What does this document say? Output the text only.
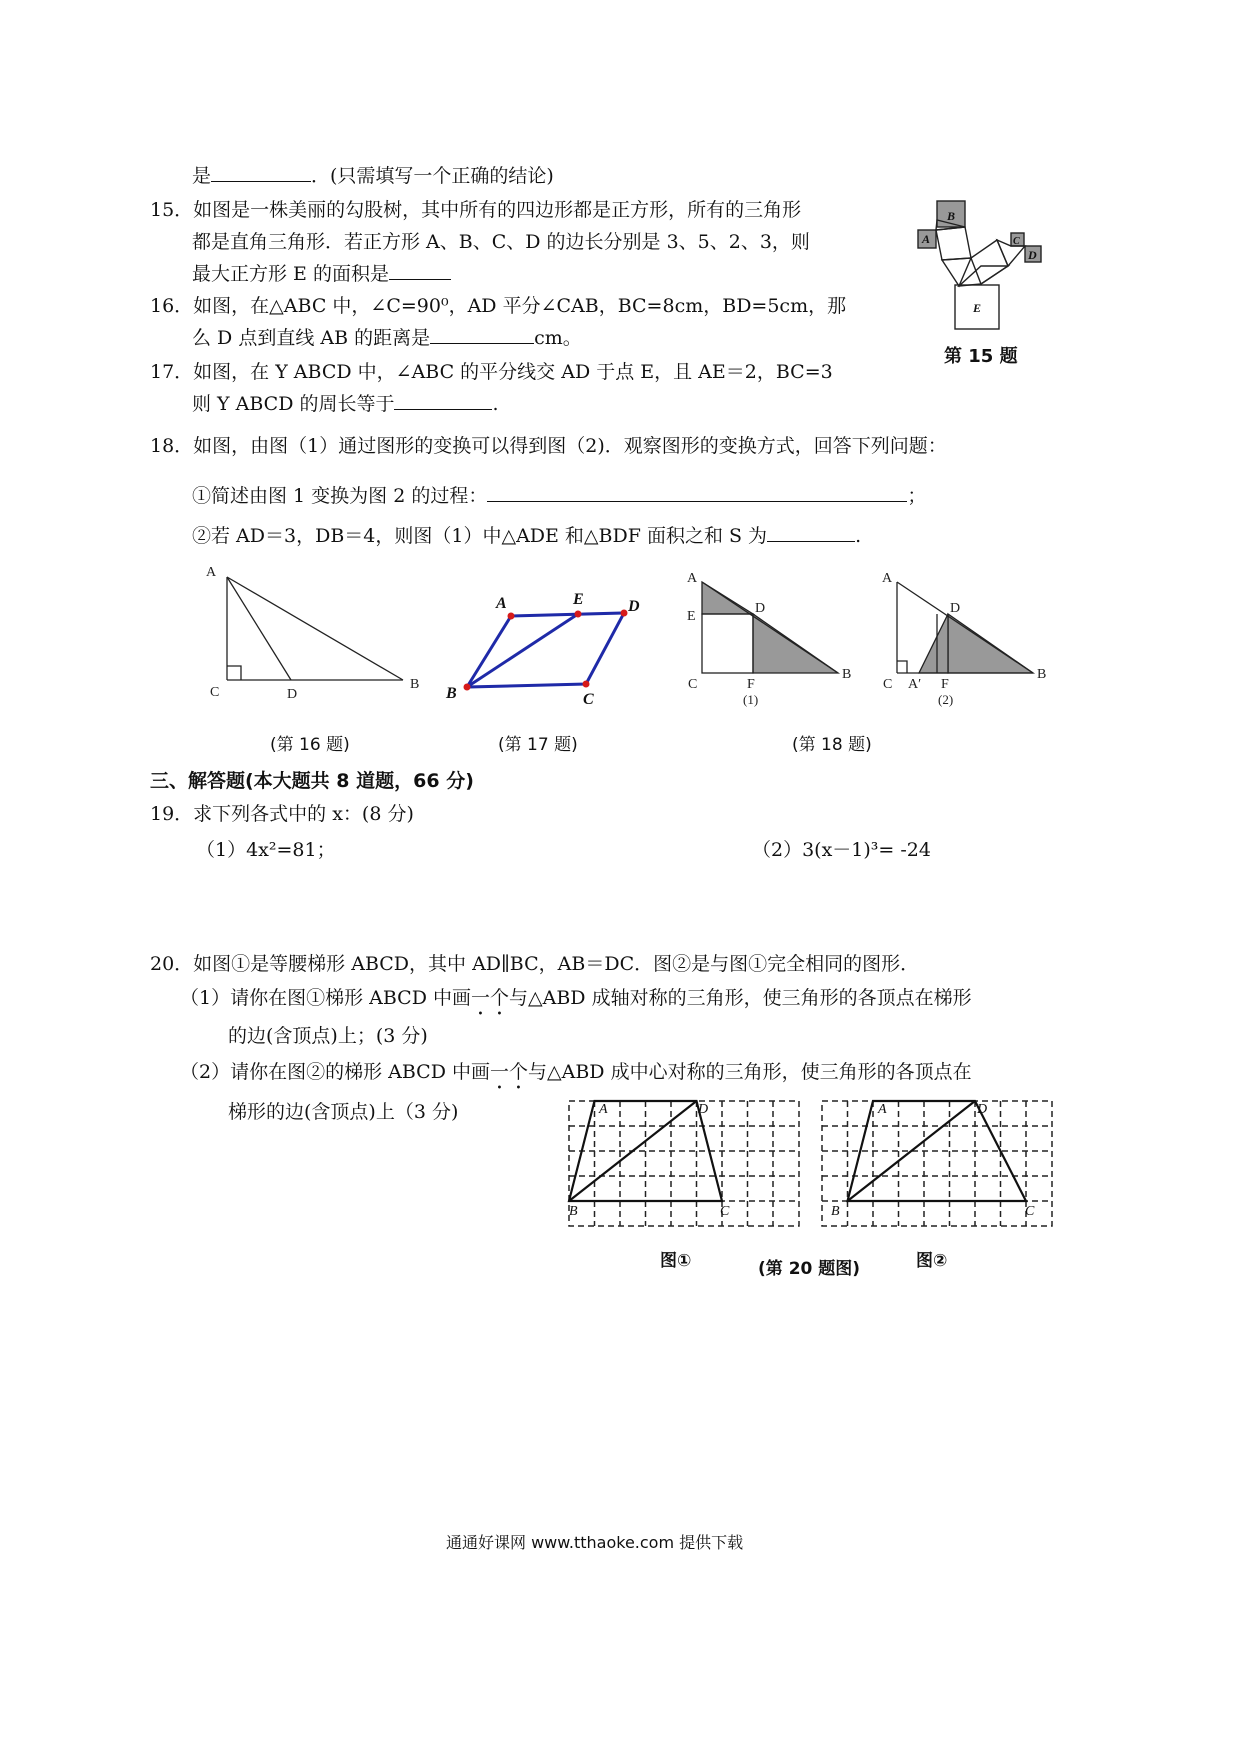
是	．(只需填写一个正确的结论)
15．如图是一株美丽的勾股树，其中所有的四边形都是正方形，所有的三角形
都是直角三角形．若正方形 A、B、C、D 的边长分别是 3、5、2、3，则
最大正方形 E 的面积是
B
A	C
D
E
第 15 题
16．如图，在△ABC 中，∠C=90⁰，AD 平分∠CAB，BC=8cm，BD=5cm，那
么 D 点到直线 AB 的距离是	cm。
17．如图，在 Y ABCD 中，∠ABC 的平分线交 AD 于点 E，且 AE＝2，BC=3
则 Y ABCD 的周长等于	.
18．如图，由图（1）通过图形的变换可以得到图（2)．观察图形的变换方式，回答下列问题：
①简述由图 1 变换为图 2 的过程：	；
②若 AD＝3，DB＝4，则图（1）中△ADE 和△BDF 面积之和 S 为	.
A
C	D
B
(第 16 题)
A	E	D
B	C
(第 17 题)
A
E
D
C	F
B
(1)
A
D
C A′ F
B
(2)
(第 18 题)
三、解答题(本大题共 8 道题，66 分)
19．求下列各式中的 x：(8 分)
（1）4x²=81；	（2）3(x－1)³= -24
20．如图①是等腰梯形 ABCD，其中 AD∥BC，AB＝DC．图②是与图①完全相同的图形．
（1）请你在图①梯形 ABCD 中画一个与△ABD 成轴对称的三角形，使三角形的各顶点在梯形
的边(含顶点)上；(3 分)
（2）请你在图②的梯形 ABCD 中画一个与△ABD 成中心对称的三角形，使三角形的各顶点在
梯形的边(含顶点)上（3 分)	A	D
B	C
A	D
B	C
图①	(第 20 题图)	图②
通通好课网 www.tthaoke.com 提供下载
